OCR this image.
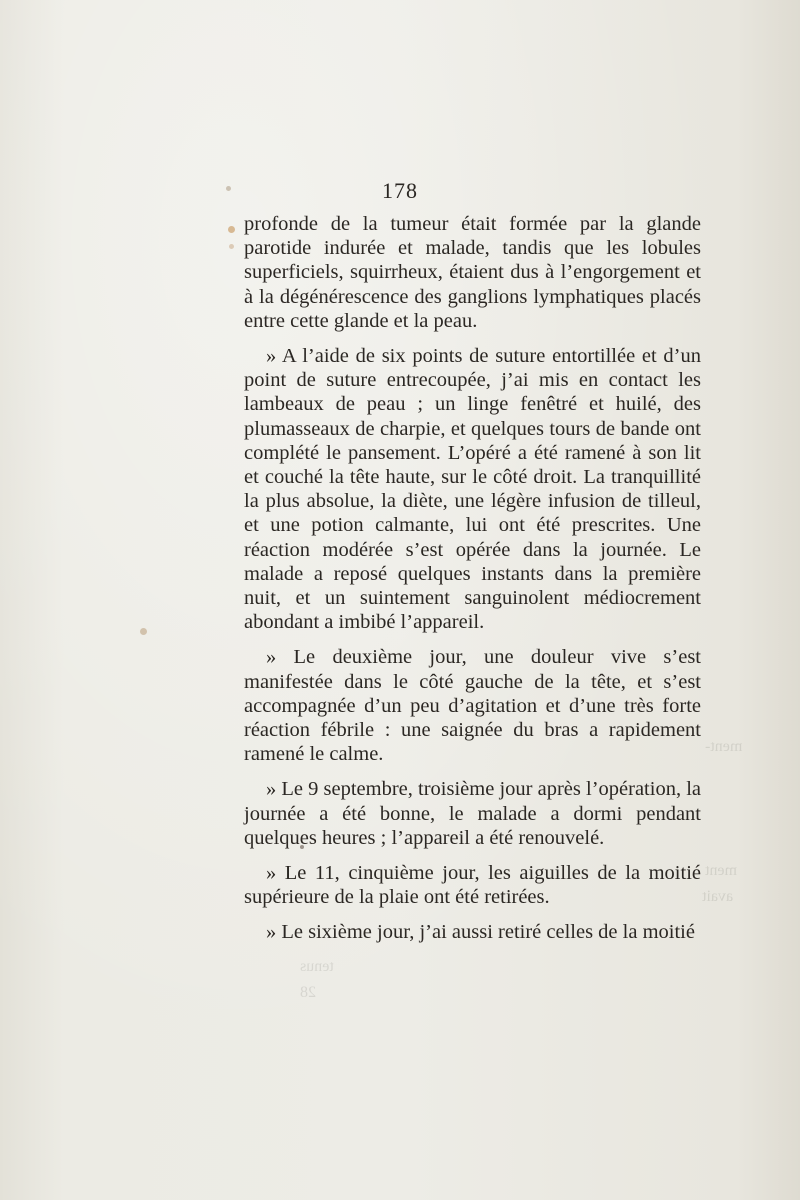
ment-
ment
avait
tenus
28
178

profonde de la tumeur était formée par la glande parotide indurée et malade, tandis que les lobules superficiels, squirrheux, étaient dus à l’engorgement et à la dégénérescence des ganglions lymphatiques placés entre cette glande et la peau.

» A l’aide de six points de suture entortillée et d’un point de suture entrecoupée, j’ai mis en contact les lambeaux de peau ; un linge fenêtré et huilé, des plumasseaux de charpie, et quelques tours de bande ont complété le pansement. L’opéré a été ramené à son lit et couché la tête haute, sur le côté droit. La tranquillité la plus absolue, la diète, une légère infusion de tilleul, et une potion calmante, lui ont été prescrites. Une réaction modérée s’est opérée dans la journée. Le malade a reposé quelques instants dans la première nuit, et un suintement sanguinolent médiocrement abondant a imbibé l’appareil.

» Le deuxième jour, une douleur vive s’est manifestée dans le côté gauche de la tête, et s’est accompagnée d’un peu d’agitation et d’une très forte réaction fébrile : une saignée du bras a rapidement ramené le calme.

» Le 9 septembre, troisième jour après l’opération, la journée a été bonne, le malade a dormi pendant quelques heures ; l’appareil a été renouvelé.

» Le 11, cinquième jour, les aiguilles de la moitié supérieure de la plaie ont été retirées.

» Le sixième jour, j’ai aussi retiré celles de la moitié
